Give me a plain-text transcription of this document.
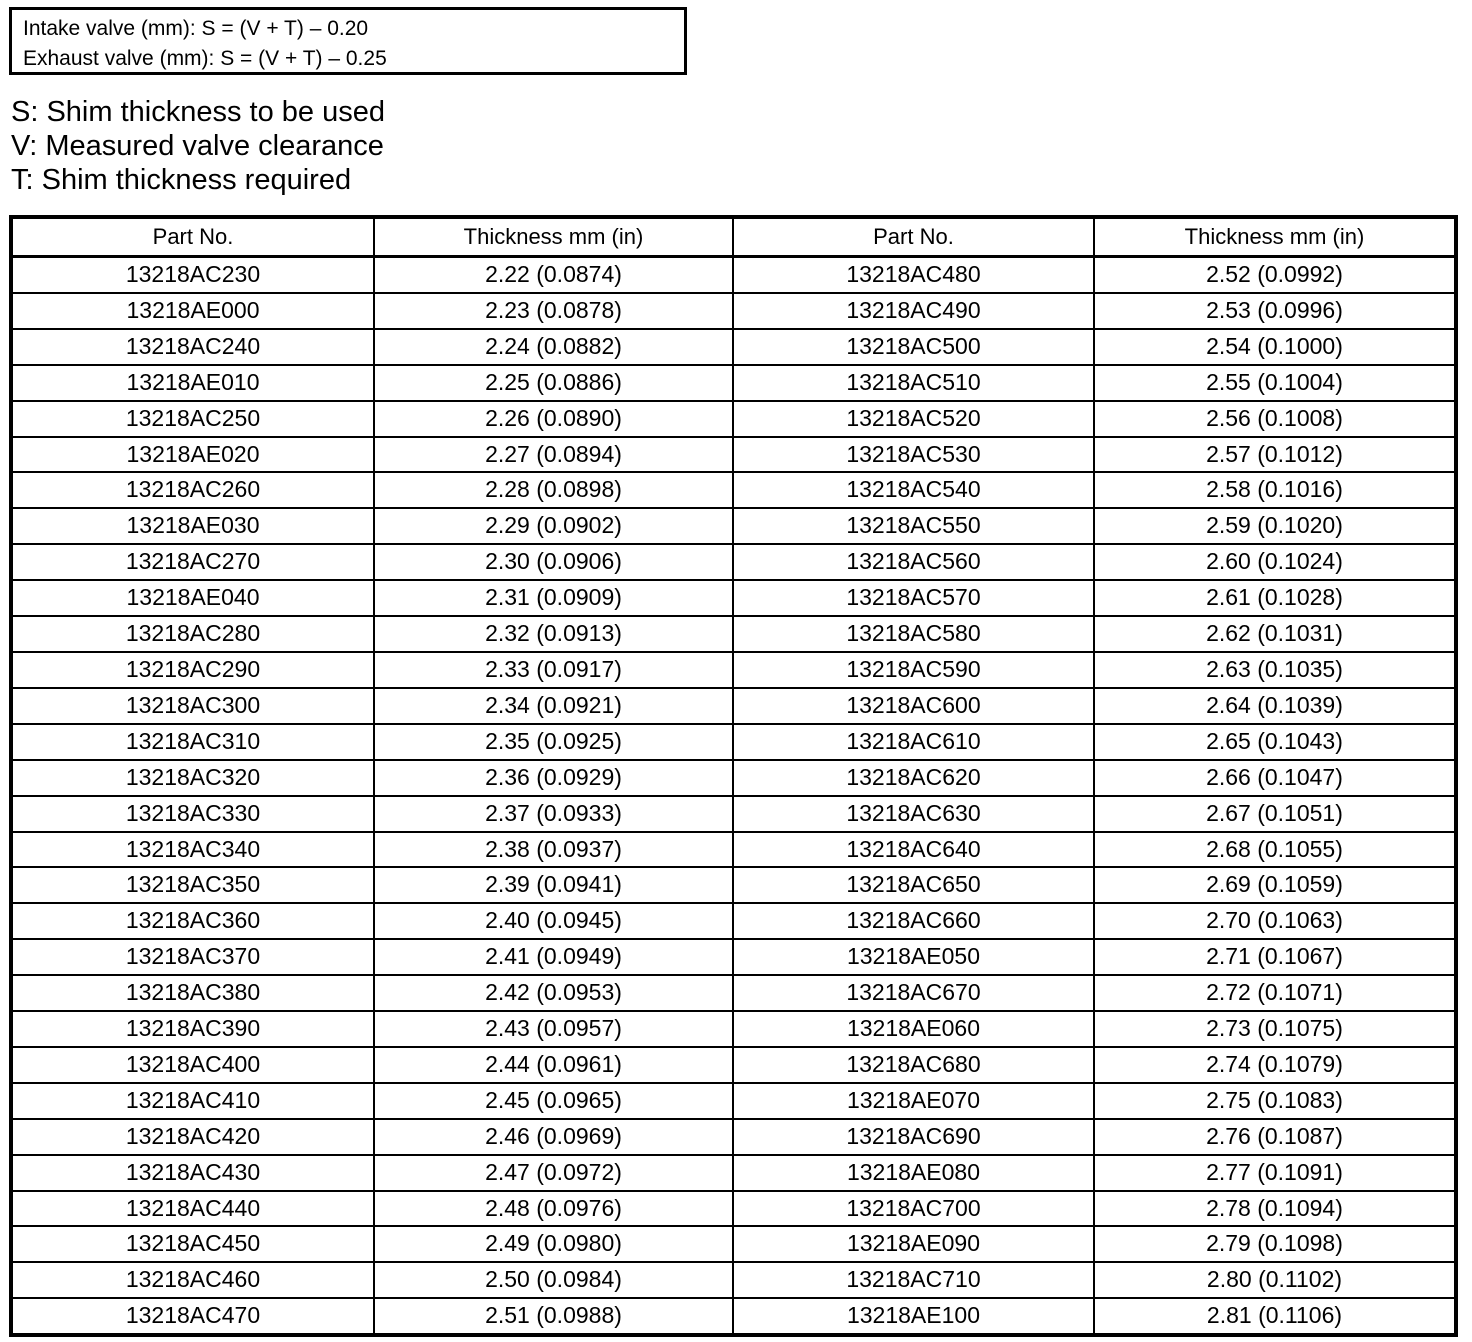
Intake valve (mm): S = (V + T) – 0.20
Exhaust valve (mm): S = (V + T) – 0.25
S: Shim thickness to be used
V: Measured valve clearance
T: Shim thickness required
Part No.	Thickness mm (in)	Part No.	Thickness mm (in)
13218AC230	2.22 (0.0874)	13218AC480	2.52 (0.0992)
13218AE000	2.23 (0.0878)	13218AC490	2.53 (0.0996)
13218AC240	2.24 (0.0882)	13218AC500	2.54 (0.1000)
13218AE010	2.25 (0.0886)	13218AC510	2.55 (0.1004)
13218AC250	2.26 (0.0890)	13218AC520	2.56 (0.1008)
13218AE020	2.27 (0.0894)	13218AC530	2.57 (0.1012)
13218AC260	2.28 (0.0898)	13218AC540	2.58 (0.1016)
13218AE030	2.29 (0.0902)	13218AC550	2.59 (0.1020)
13218AC270	2.30 (0.0906)	13218AC560	2.60 (0.1024)
13218AE040	2.31 (0.0909)	13218AC570	2.61 (0.1028)
13218AC280	2.32 (0.0913)	13218AC580	2.62 (0.1031)
13218AC290	2.33 (0.0917)	13218AC590	2.63 (0.1035)
13218AC300	2.34 (0.0921)	13218AC600	2.64 (0.1039)
13218AC310	2.35 (0.0925)	13218AC610	2.65 (0.1043)
13218AC320	2.36 (0.0929)	13218AC620	2.66 (0.1047)
13218AC330	2.37 (0.0933)	13218AC630	2.67 (0.1051)
13218AC340	2.38 (0.0937)	13218AC640	2.68 (0.1055)
13218AC350	2.39 (0.0941)	13218AC650	2.69 (0.1059)
13218AC360	2.40 (0.0945)	13218AC660	2.70 (0.1063)
13218AC370	2.41 (0.0949)	13218AE050	2.71 (0.1067)
13218AC380	2.42 (0.0953)	13218AC670	2.72 (0.1071)
13218AC390	2.43 (0.0957)	13218AE060	2.73 (0.1075)
13218AC400	2.44 (0.0961)	13218AC680	2.74 (0.1079)
13218AC410	2.45 (0.0965)	13218AE070	2.75 (0.1083)
13218AC420	2.46 (0.0969)	13218AC690	2.76 (0.1087)
13218AC430	2.47 (0.0972)	13218AE080	2.77 (0.1091)
13218AC440	2.48 (0.0976)	13218AC700	2.78 (0.1094)
13218AC450	2.49 (0.0980)	13218AE090	2.79 (0.1098)
13218AC460	2.50 (0.0984)	13218AC710	2.80 (0.1102)
13218AC470	2.51 (0.0988)	13218AE100	2.81 (0.1106)
